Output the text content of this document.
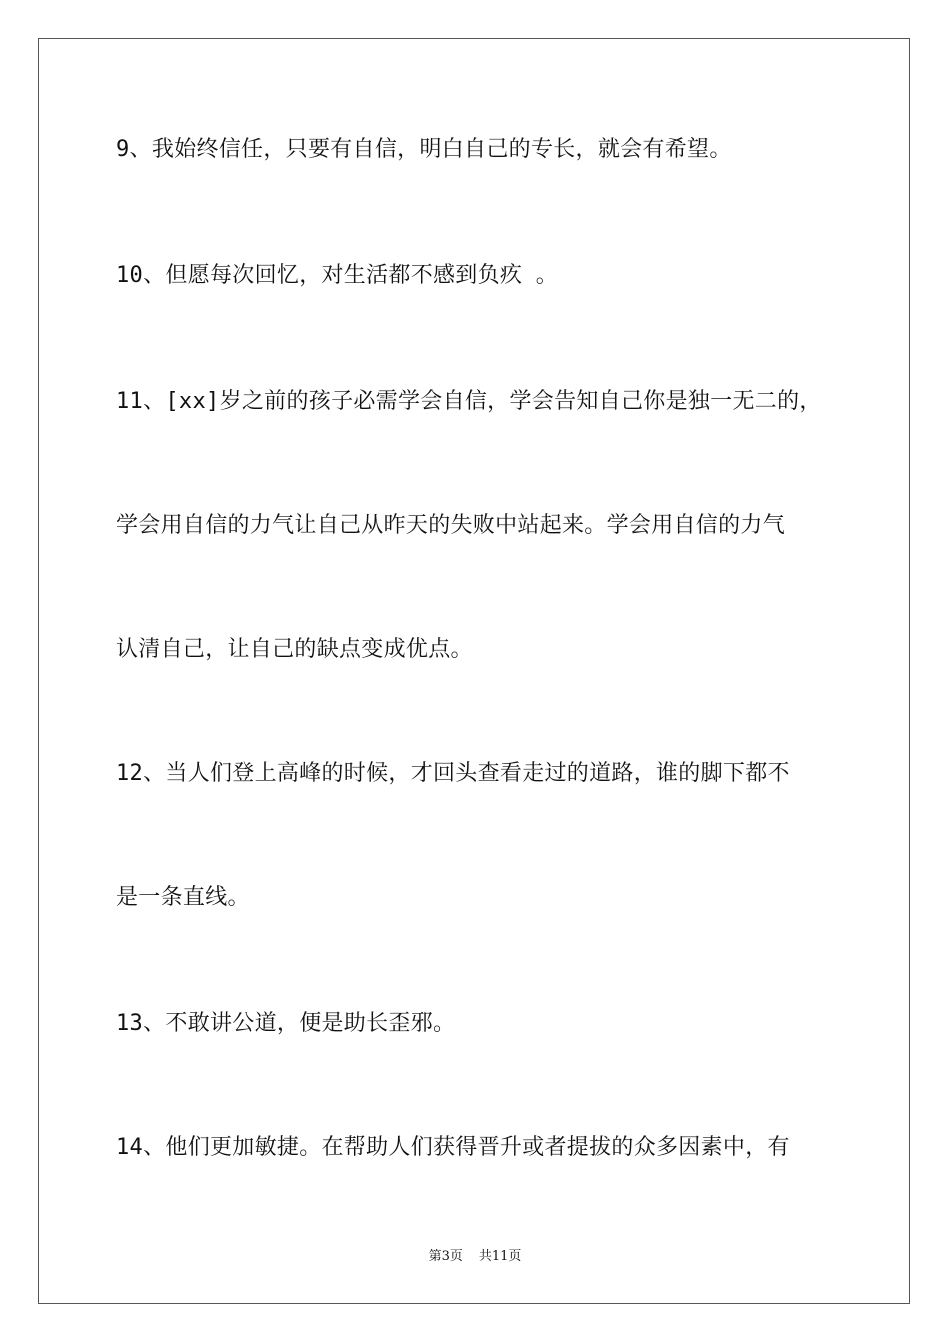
9、我始终信任，只要有自信，明白自己的专长，就会有希望。
10、但愿每次回忆，对生活都不感到负疚 。
11、[xx]岁之前的孩子必需学会自信，学会告知自己你是独一无二的，
学会用自信的力气让自己从昨天的失败中站起来。学会用自信的力气
认清自己，让自己的缺点变成优点。
12、当人们登上高峰的时候，才回头查看走过的道路，谁的脚下都不
是一条直线。
13、不敢讲公道，便是助长歪邪。
14、他们更加敏捷。在帮助人们获得晋升或者提拔的众多因素中，有
第3页 共11页
